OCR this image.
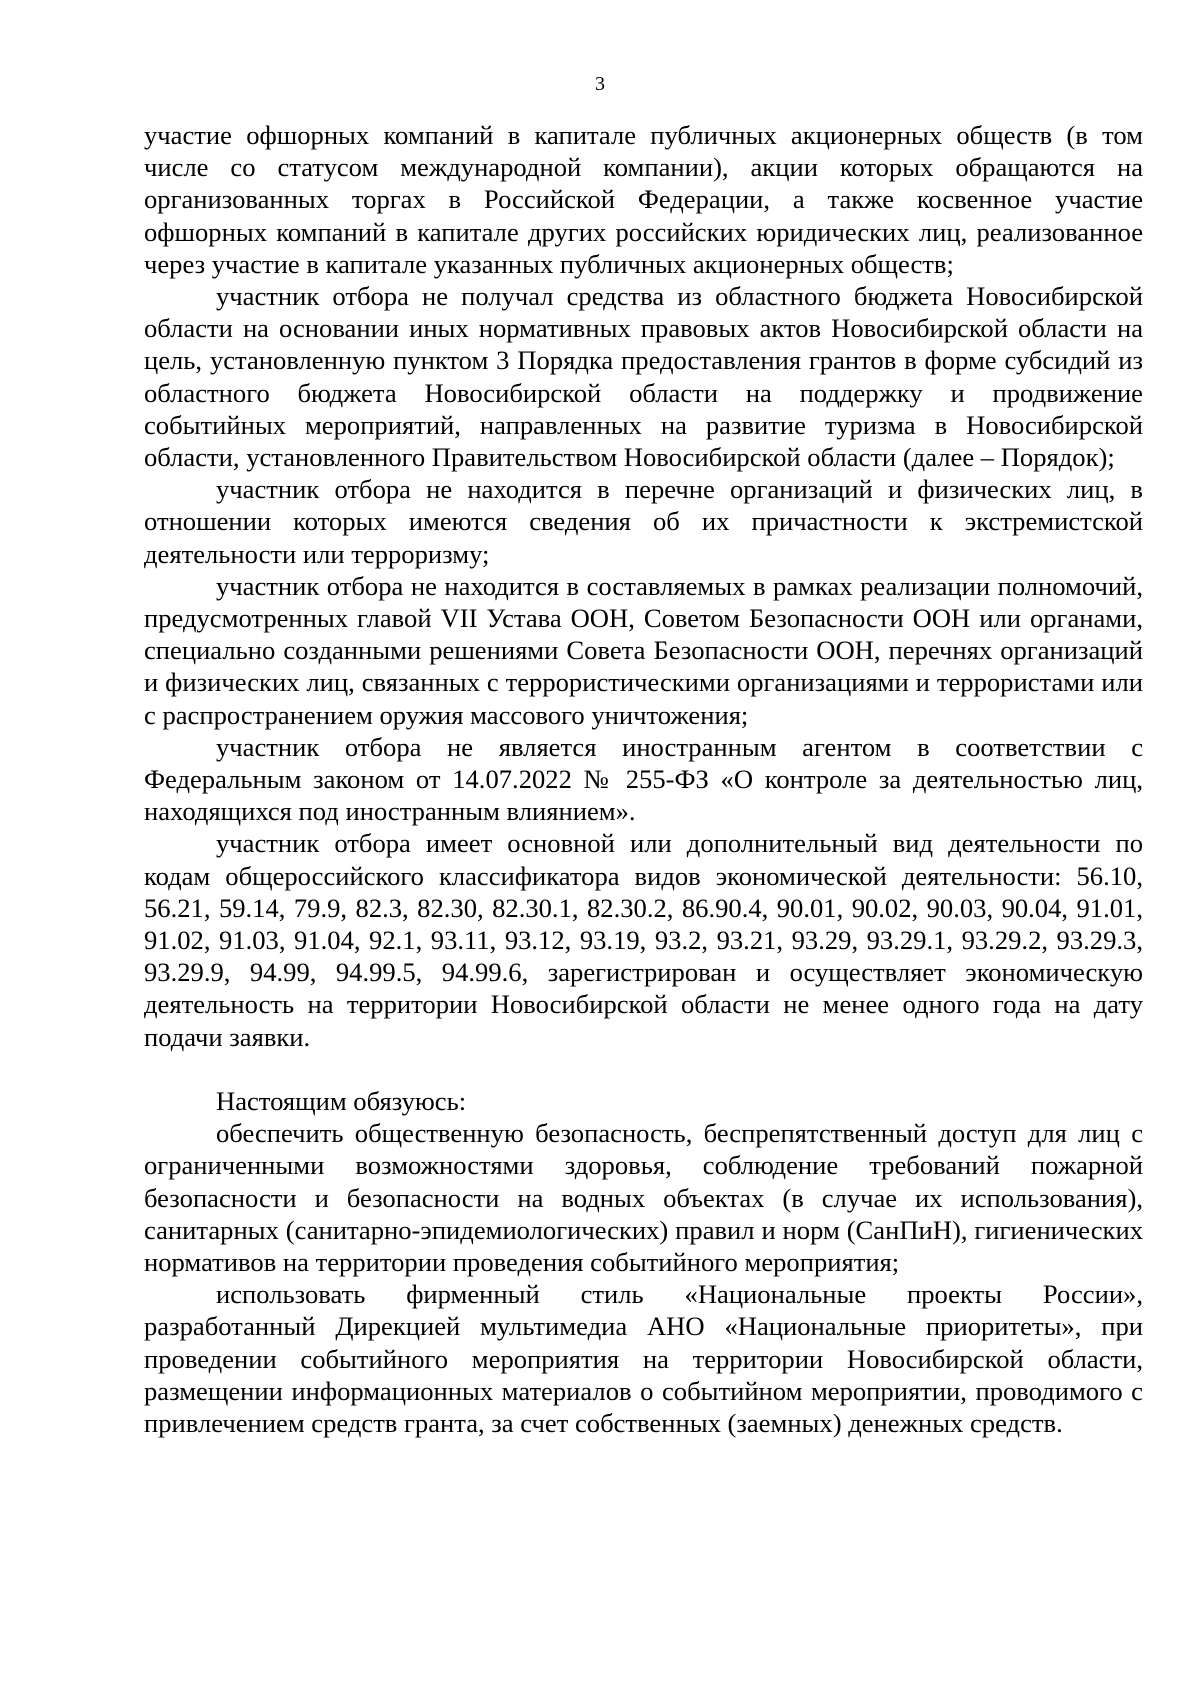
3

участие офшорных компаний в капитале публичных акционерных обществ (в том числе со статусом международной компании), акции которых обращаются на организованных торгах в Российской Федерации, а также косвенное участие офшорных компаний в капитале других российских юридических лиц, реализованное через участие в капитале указанных публичных акционерных обществ;

участник отбора не получал средства из областного бюджета Новосибирской области на основании иных нормативных правовых актов Новосибирской области на цель, установленную пунктом 3 Порядка предоставления грантов в форме субсидий из областного бюджета Новосибирской области на поддержку и продвижение событийных мероприятий, направленных на развитие туризма в Новосибирской области, установленного Правительством Новосибирской области (далее – Порядок);

участник отбора не находится в перечне организаций и физических лиц, в отношении которых имеются сведения об их причастности к экстремистской деятельности или терроризму;

участник отбора не находится в составляемых в рамках реализации полномочий, предусмотренных главой VII Устава ООН, Советом Безопасности ООН или органами, специально созданными решениями Совета Безопасности ООН, перечнях организаций и физических лиц, связанных с террористическими организациями и террористами или с распространением оружия массового уничтожения;

участник отбора не является иностранным агентом в соответствии с Федеральным законом от 14.07.2022 № 255-ФЗ «О контроле за деятельностью лиц, находящихся под иностранным влиянием».

участник отбора имеет основной или дополнительный вид деятельности по кодам общероссийского классификатора видов экономической деятельности: 56.10, 56.21, 59.14, 79.9, 82.3, 82.30, 82.30.1, 82.30.2, 86.90.4, 90.01, 90.02, 90.03, 90.04, 91.01, 91.02, 91.03, 91.04, 92.1, 93.11, 93.12, 93.19, 93.2, 93.21, 93.29, 93.29.1, 93.29.2, 93.29.3, 93.29.9, 94.99, 94.99.5, 94.99.6, зарегистрирован и осуществляет экономическую деятельность на территории Новосибирской области не менее одного года на дату подачи заявки.

Настоящим обязуюсь:

обеспечить общественную безопасность, беспрепятственный доступ для лиц с ограниченными возможностями здоровья, соблюдение требований пожарной безопасности и безопасности на водных объектах (в случае их использования), санитарных (санитарно-эпидемиологических) правил и норм (СанПиН), гигиенических нормативов на территории проведения событийного мероприятия;

использовать фирменный стиль «Национальные проекты России», разработанный Дирекцией мультимедиа АНО «Национальные приоритеты», при проведении событийного мероприятия на территории Новосибирской области, размещении информационных материалов о событийном мероприятии, проводимого с привлечением средств гранта, за счет собственных (заемных) денежных средств.
